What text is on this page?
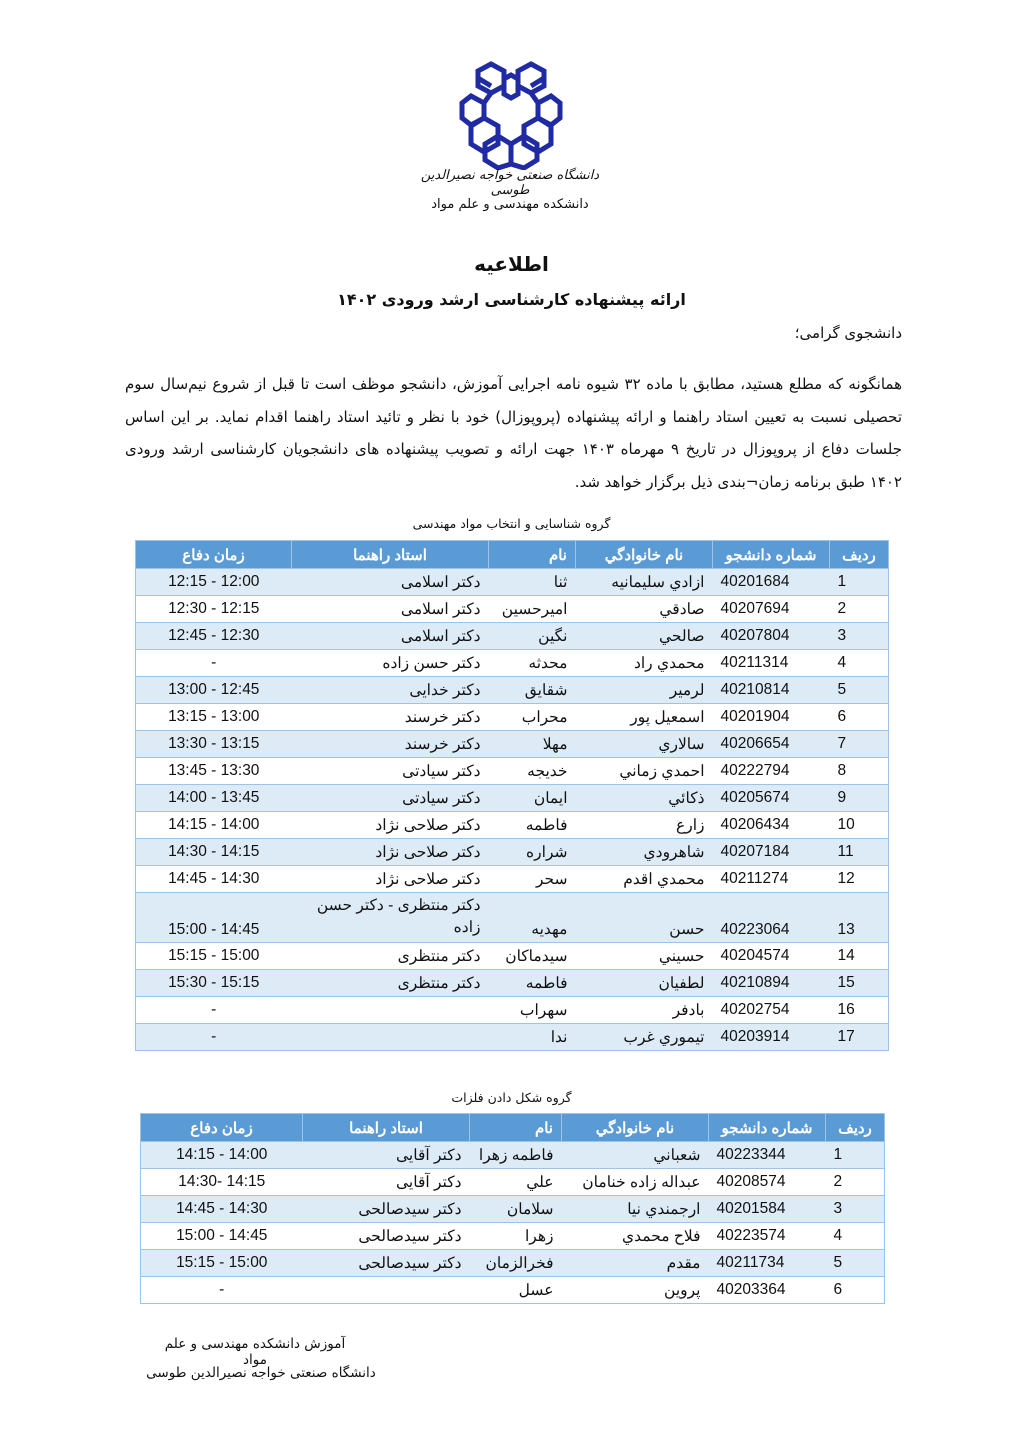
دانشگاه صنعتی خواجه نصیرالدین طوسی
دانشکده مهندسی و علم مواد
اطلاعیه
ارائه پیشنهاده کارشناسی ارشد ورودی ۱۴۰۲
دانشجوی گرامی؛
همانگونه که مطلع هستید، مطابق با ماده ۳۲ شیوه نامه اجرایی آموزش، دانشجو موظف است تا قبل از شروع نیم‌سال سوم تحصیلی نسبت به تعیین استاد راهنما و ارائه پیشنهاده (پروپوزال) خود با نظر و تائید استاد راهنما اقدام نماید. بر این اساس جلسات دفاع از پروپوزال در تاریخ ۹ مهرماه ۱۴۰۳ جهت ارائه و تصویب پیشنهاده های دانشجویان کارشناسی ارشد ورودی ۱۴۰۲ طبق برنامه زمان¬بندی ذیل برگزار خواهد شد.
گروه شناسایی و انتخاب مواد مهندسی
ردیف	شماره دانشجو	نام خانوادگي	نام	استاد راهنما	زمان دفاع
1	40201684	ازادي سليمانيه	ثنا	دکتر اسلامی	12:00 - 12:15
2	40207694	صادقي	اميرحسين	دکتر اسلامی	12:15 - 12:30
3	40207804	صالحي	نگين	دکتر اسلامی	12:30 - 12:45
4	40211314	محمدي راد	محدثه	دکتر حسن زاده	-
5	40210814	لرمير	شقايق	دکتر خدایی	12:45 - 13:00
6	40201904	اسمعيل پور	محراب	دکتر خرسند	13:00 - 13:15
7	40206654	سالاري	مهلا	دکتر خرسند	13:15 - 13:30
8	40222794	احمدي زماني	خديجه	دکتر سیادتی	13:30 - 13:45
9	40205674	ذكائي	ايمان	دکتر سیادتی	13:45 - 14:00
10	40206434	زارع	فاطمه	دکتر صلاحی نژاد	14:00 - 14:15
11	40207184	شاهرودي	شراره	دکتر صلاحی نژاد	14:15 - 14:30
12	40211274	محمدي اقدم	سحر	دکتر صلاحی نژاد	14:30 - 14:45
13	40223064	حسن	مهديه	دکتر منتظری - دکتر حسن زاده	14:45 - 15:00
14	40204574	حسيني	سيدماكان	دکتر منتظری	15:00 - 15:15
15	40210894	لطفيان	فاطمه	دکتر منتظری	15:15 - 15:30
16	40202754	بادفر	سهراب		-
17	40203914	تيموري غرب	ندا		-
گروه شکل دادن فلزات
ردیف	شماره دانشجو	نام خانوادگي	نام	استاد راهنما	زمان دفاع
1	40223344	شعباني	فاطمه زهرا	دکتر آقایی	14:00 - 14:15
2	40208574	عبداله زاده خنامان	علي	دکتر آقایی	14:15 -14:30
3	40201584	ارجمندي نيا	سلامان	دکتر سیدصالحی	14:30 - 14:45
4	40223574	فلاح محمدي	زهرا	دکتر سیدصالحی	14:45 - 15:00
5	40211734	مقدم	فخرالزمان	دکتر سیدصالحی	15:00 - 15:15
6	40203364	پروين	عسل		-
آموزش دانشکده مهندسی و علم مواد
دانشگاه صنعتی خواجه نصیرالدین طوسی
